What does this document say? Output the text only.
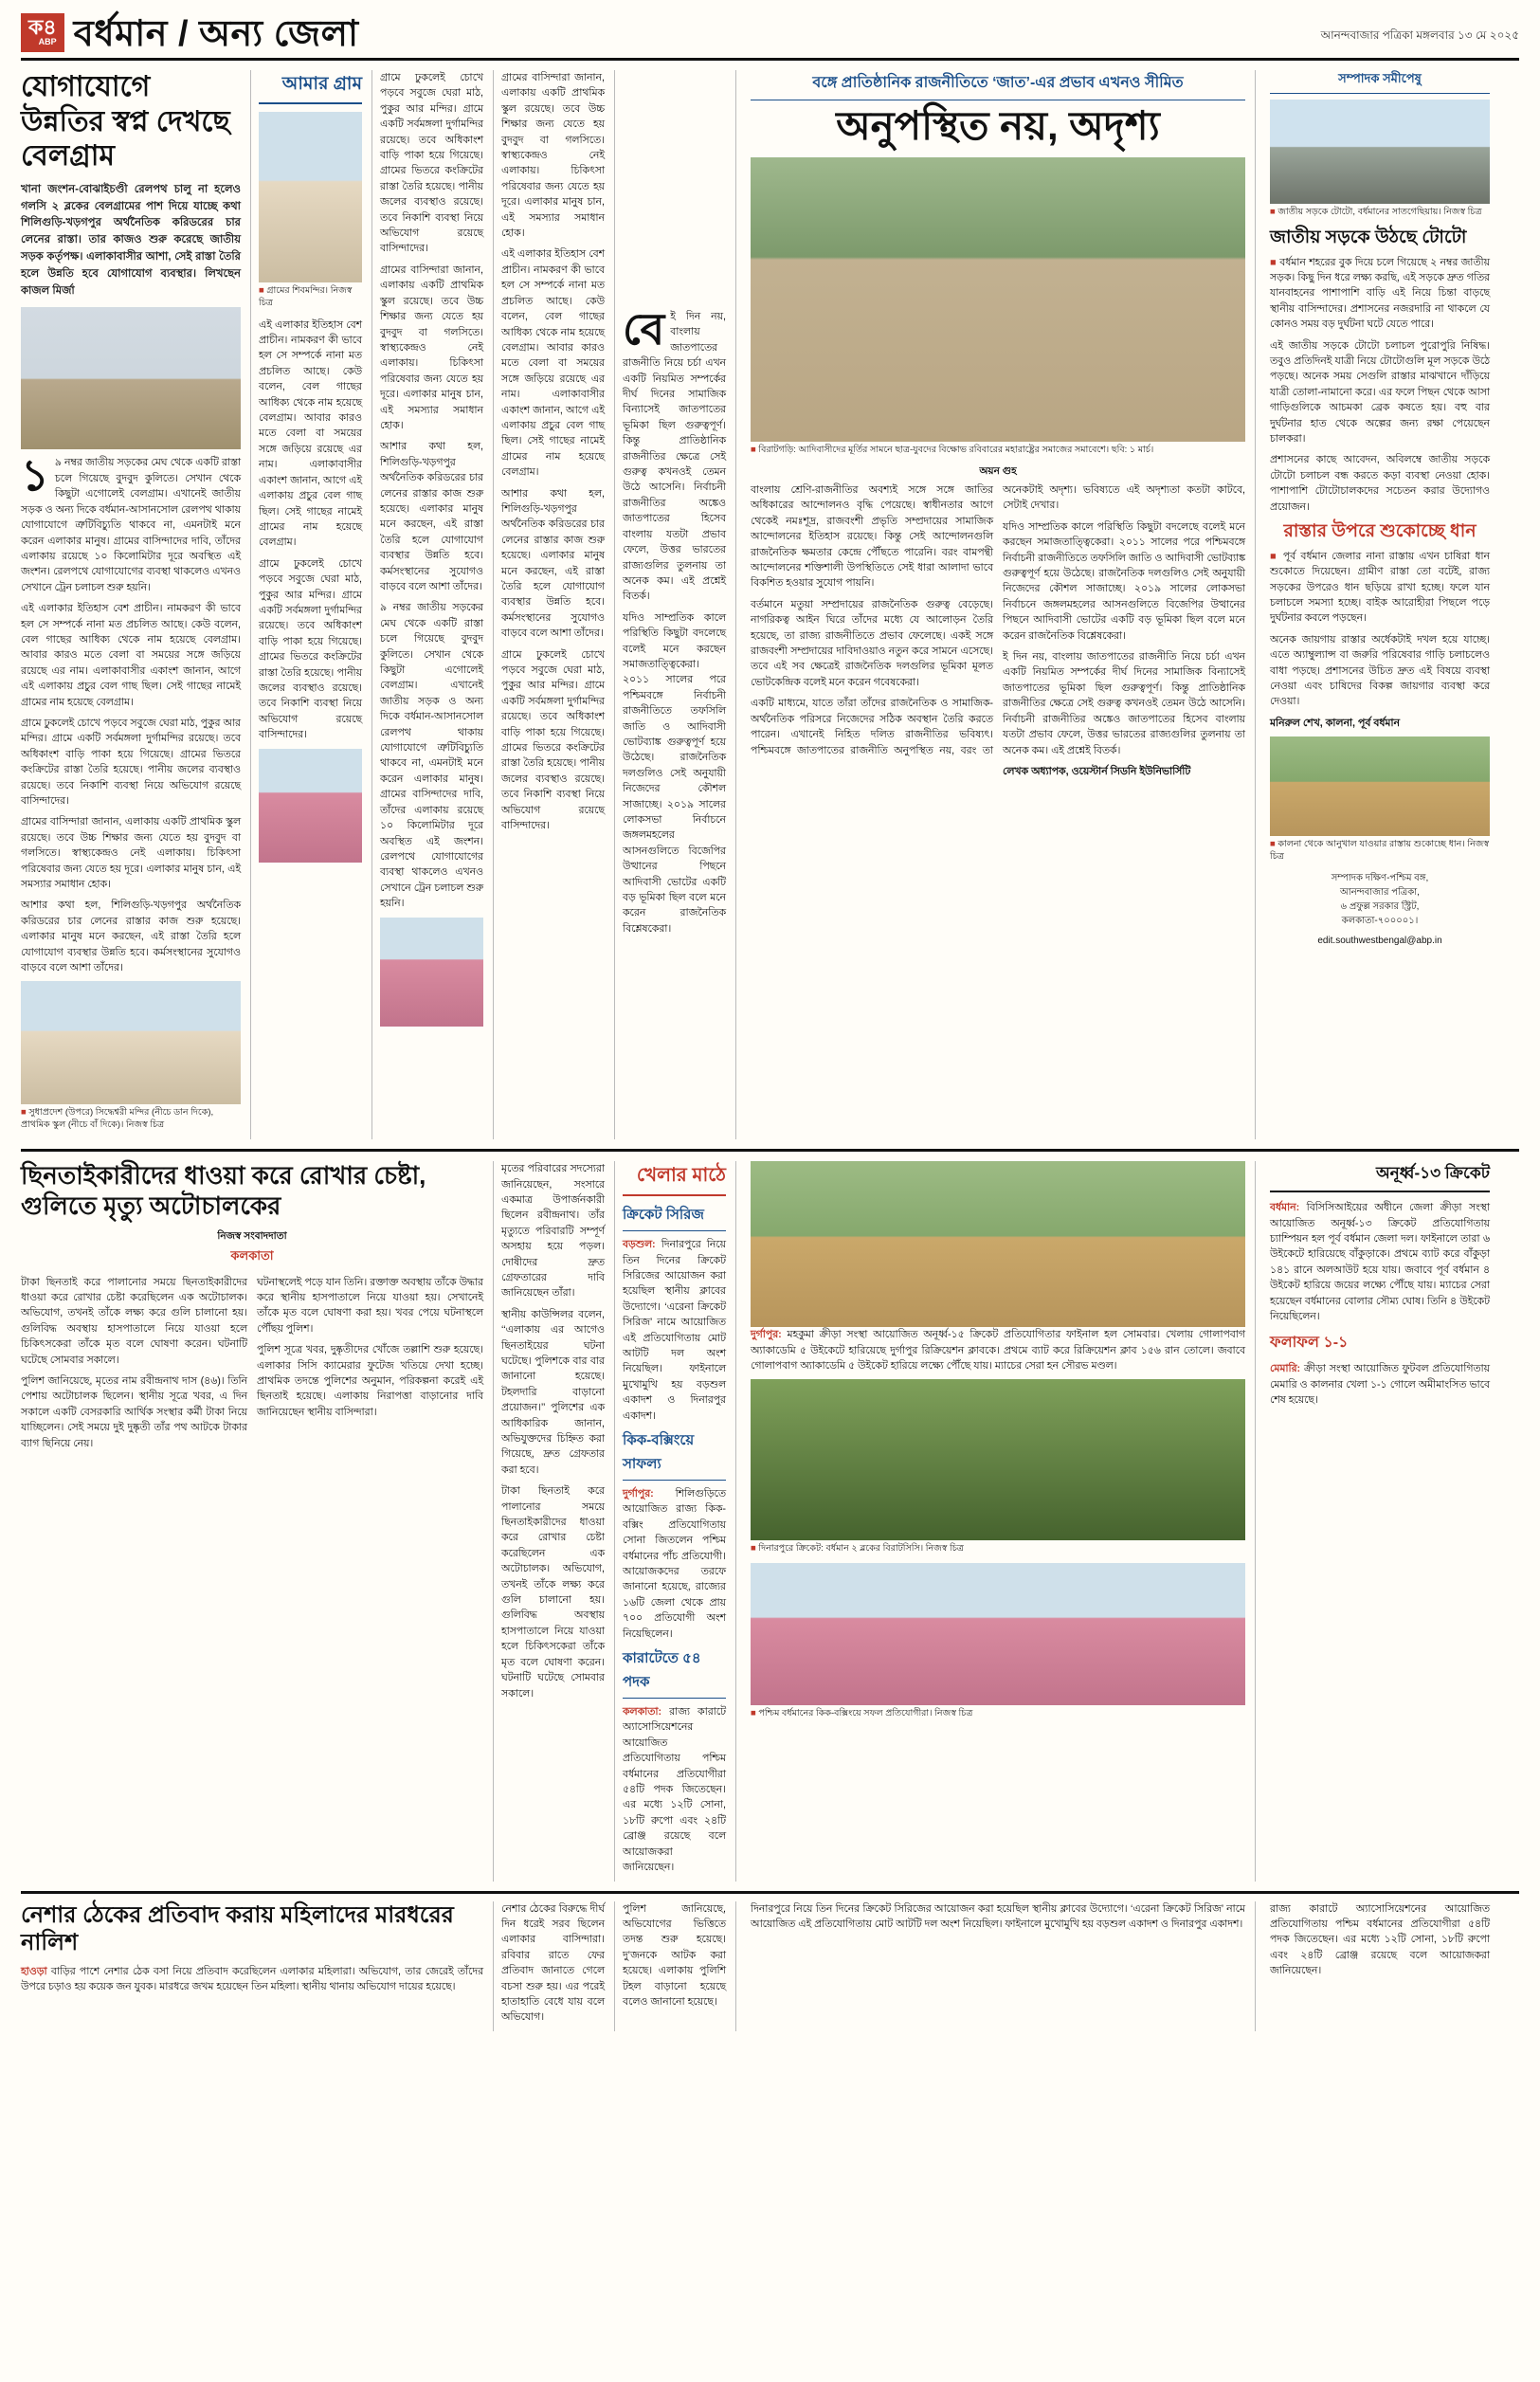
ক৪
ABP বর্ধমান / অন্য জেলা	আনন্দবাজার পত্রিকা মঙ্গলবার ১৩ মে ২০২৫
যোগাযোগে উন্নতির স্বপ্ন দেখছে বেলগ্রাম
খানা জংশন-বোঝাইচণ্ডী রেলপথ চালু না হলেও গলসি ২ ব্লকের বেলগ্রামের পাশ দিয়ে যাচ্ছে কথা শিলিগুড়ি-খড়গপুর অর্থনৈতিক করিডরের চার লেনের রাস্তা। তার কাজও শুরু করেছে জাতীয় সড়ক কর্তৃপক্ষ। এলাকাবাসীর আশা, সেই রাস্তা তৈরি হলে উন্নতি হবে যোগাযোগ ব্যবস্থার। লিখছেন কাজল মির্জা

১ ৯ নম্বর জাতীয় সড়কের মেঘ থেকে একটি রাস্তা চলে গিয়েছে বুদবুদ কুলিতে। সেখান থেকে কিছুটা এগোলেই বেলগ্রাম। এখানেই জাতীয় সড়ক ও অন্য দিকে বর্ধমান-আসানসোল রেলপথ থাকায় যোগাযোগে ত্রুটিবিচ্যুতি থাকবে না, এমনটাই মনে করেন এলাকার মানুষ। গ্রামের বাসিন্দাদের দাবি, তাঁদের এলাকায় রয়েছে ১০ কিলোমিটার দূরে অবস্থিত এই জংশন। রেলপথে যোগাযোগের ব্যবস্থা থাকলেও এখনও সেখানে ট্রেন চলাচল শুরু হয়নি।

এই এলাকার ইতিহাস বেশ প্রাচীন। নামকরণ কী ভাবে হল সে সম্পর্কে নানা মত প্রচলিত আছে। কেউ বলেন, বেল গাছের আধিক্য থেকে নাম হয়েছে বেলগ্রাম। আবার কারও মতে বেলা বা সময়ের সঙ্গে জড়িয়ে রয়েছে এর নাম। এলাকাবাসীর একাংশ জানান, আগে এই এলাকায় প্রচুর বেল গাছ ছিল। সেই গাছের নামেই গ্রামের নাম হয়েছে বেলগ্রাম।

গ্রামে ঢুকলেই চোখে পড়বে সবুজে ঘেরা মাঠ, পুকুর আর মন্দির। গ্রামে একটি সর্বমঙ্গলা দুর্গামন্দির রয়েছে। তবে অধিকাংশ বাড়ি পাকা হয়ে গিয়েছে। গ্রামের ভিতরে কংক্রিটের রাস্তা তৈরি হয়েছে। পানীয় জলের ব্যবস্থাও রয়েছে। তবে নিকাশি ব্যবস্থা নিয়ে অভিযোগ রয়েছে বাসিন্দাদের।

গ্রামের বাসিন্দারা জানান, এলাকায় একটি প্রাথমিক স্কুল রয়েছে। তবে উচ্চ শিক্ষার জন্য যেতে হয় বুদবুদ বা গলসিতে। স্বাস্থ্যকেন্দ্রও নেই এলাকায়। চিকিৎসা পরিষেবার জন্য যেতে হয় দূরে। এলাকার মানুষ চান, এই সমস্যার সমাধান হোক।

আশার কথা হল, শিলিগুড়ি-খড়গপুর অর্থনৈতিক করিডরের চার লেনের রাস্তার কাজ শুরু হয়েছে। এলাকার মানুষ মনে করছেন, এই রাস্তা তৈরি হলে যোগাযোগ ব্যবস্থার উন্নতি হবে। কর্মসংস্থানের সুযোগও বাড়বে বলে আশা তাঁদের।

■ সুধাপ্রদেশ (উপরে) সিদ্ধেশ্বরী মন্দির (নীচে ডান দিকে), প্রাথমিক স্কুল (নীচে বাঁ দিকে)। নিজস্ব চিত্র
আমার গ্রাম
■ গ্রামের শিবমন্দির। নিজস্ব চিত্র

এই এলাকার ইতিহাস বেশ প্রাচীন। নামকরণ কী ভাবে হল সে সম্পর্কে নানা মত প্রচলিত আছে। কেউ বলেন, বেল গাছের আধিক্য থেকে নাম হয়েছে বেলগ্রাম। আবার কারও মতে বেলা বা সময়ের সঙ্গে জড়িয়ে রয়েছে এর নাম। এলাকাবাসীর একাংশ জানান, আগে এই এলাকায় প্রচুর বেল গাছ ছিল। সেই গাছের নামেই গ্রামের নাম হয়েছে বেলগ্রাম।

গ্রামে ঢুকলেই চোখে পড়বে সবুজে ঘেরা মাঠ, পুকুর আর মন্দির। গ্রামে একটি সর্বমঙ্গলা দুর্গামন্দির রয়েছে। তবে অধিকাংশ বাড়ি পাকা হয়ে গিয়েছে। গ্রামের ভিতরে কংক্রিটের রাস্তা তৈরি হয়েছে। পানীয় জলের ব্যবস্থাও রয়েছে। তবে নিকাশি ব্যবস্থা নিয়ে অভিযোগ রয়েছে বাসিন্দাদের।

গ্রামে ঢুকলেই চোখে পড়বে সবুজে ঘেরা মাঠ, পুকুর আর মন্দির। গ্রামে একটি সর্বমঙ্গলা দুর্গামন্দির রয়েছে। তবে অধিকাংশ বাড়ি পাকা হয়ে গিয়েছে। গ্রামের ভিতরে কংক্রিটের রাস্তা তৈরি হয়েছে। পানীয় জলের ব্যবস্থাও রয়েছে। তবে নিকাশি ব্যবস্থা নিয়ে অভিযোগ রয়েছে বাসিন্দাদের।

গ্রামের বাসিন্দারা জানান, এলাকায় একটি প্রাথমিক স্কুল রয়েছে। তবে উচ্চ শিক্ষার জন্য যেতে হয় বুদবুদ বা গলসিতে। স্বাস্থ্যকেন্দ্রও নেই এলাকায়। চিকিৎসা পরিষেবার জন্য যেতে হয় দূরে। এলাকার মানুষ চান, এই সমস্যার সমাধান হোক।

আশার কথা হল, শিলিগুড়ি-খড়গপুর অর্থনৈতিক করিডরের চার লেনের রাস্তার কাজ শুরু হয়েছে। এলাকার মানুষ মনে করছেন, এই রাস্তা তৈরি হলে যোগাযোগ ব্যবস্থার উন্নতি হবে। কর্মসংস্থানের সুযোগও বাড়বে বলে আশা তাঁদের।

৯ নম্বর জাতীয় সড়কের মেঘ থেকে একটি রাস্তা চলে গিয়েছে বুদবুদ কুলিতে। সেখান থেকে কিছুটা এগোলেই বেলগ্রাম। এখানেই জাতীয় সড়ক ও অন্য দিকে বর্ধমান-আসানসোল রেলপথ থাকায় যোগাযোগে ত্রুটিবিচ্যুতি থাকবে না, এমনটাই মনে করেন এলাকার মানুষ। গ্রামের বাসিন্দাদের দাবি, তাঁদের এলাকায় রয়েছে ১০ কিলোমিটার দূরে অবস্থিত এই জংশন। রেলপথে যোগাযোগের ব্যবস্থা থাকলেও এখনও সেখানে ট্রেন চলাচল শুরু হয়নি।

গ্রামের বাসিন্দারা জানান, এলাকায় একটি প্রাথমিক স্কুল রয়েছে। তবে উচ্চ শিক্ষার জন্য যেতে হয় বুদবুদ বা গলসিতে। স্বাস্থ্যকেন্দ্রও নেই এলাকায়। চিকিৎসা পরিষেবার জন্য যেতে হয় দূরে। এলাকার মানুষ চান, এই সমস্যার সমাধান হোক।

এই এলাকার ইতিহাস বেশ প্রাচীন। নামকরণ কী ভাবে হল সে সম্পর্কে নানা মত প্রচলিত আছে। কেউ বলেন, বেল গাছের আধিক্য থেকে নাম হয়েছে বেলগ্রাম। আবার কারও মতে বেলা বা সময়ের সঙ্গে জড়িয়ে রয়েছে এর নাম। এলাকাবাসীর একাংশ জানান, আগে এই এলাকায় প্রচুর বেল গাছ ছিল। সেই গাছের নামেই গ্রামের নাম হয়েছে বেলগ্রাম।

আশার কথা হল, শিলিগুড়ি-খড়গপুর অর্থনৈতিক করিডরের চার লেনের রাস্তার কাজ শুরু হয়েছে। এলাকার মানুষ মনে করছেন, এই রাস্তা তৈরি হলে যোগাযোগ ব্যবস্থার উন্নতি হবে। কর্মসংস্থানের সুযোগও বাড়বে বলে আশা তাঁদের।

গ্রামে ঢুকলেই চোখে পড়বে সবুজে ঘেরা মাঠ, পুকুর আর মন্দির। গ্রামে একটি সর্বমঙ্গলা দুর্গামন্দির রয়েছে। তবে অধিকাংশ বাড়ি পাকা হয়ে গিয়েছে। গ্রামের ভিতরে কংক্রিটের রাস্তা তৈরি হয়েছে। পানীয় জলের ব্যবস্থাও রয়েছে। তবে নিকাশি ব্যবস্থা নিয়ে অভিযোগ রয়েছে বাসিন্দাদের।

বে ই দিন নয়, বাংলায় জাতপাতের রাজনীতি নিয়ে চর্চা এখন একটি নিয়মিত সম্পর্কের দীর্ঘ দিনের সামাজিক বিন্যাসেই জাতপাতের ভূমিকা ছিল গুরুত্বপূর্ণ। কিন্তু প্রাতিষ্ঠানিক রাজনীতির ক্ষেত্রে সেই গুরুত্ব কখনওই তেমন উঠে আসেনি। নির্বাচনী রাজনীতির অঙ্কেও জাতপাতের হিসেব বাংলায় যতটা প্রভাব ফেলে, উত্তর ভারতের রাজ্যগুলির তুলনায় তা অনেক কম। এই প্রশ্নেই বিতর্ক।

যদিও সাম্প্রতিক কালে পরিস্থিতি কিছুটা বদলেছে বলেই মনে করছেন সমাজতাত্ত্বিকেরা। ২০১১ সালের পরে পশ্চিমবঙ্গে নির্বাচনী রাজনীতিতে তফসিলি জাতি ও আদিবাসী ভোটব্যাঙ্ক গুরুত্বপূর্ণ হয়ে উঠেছে। রাজনৈতিক দলগুলিও সেই অনুযায়ী নিজেদের কৌশল সাজাচ্ছে। ২০১৯ সালের লোকসভা নির্বাচনে জঙ্গলমহলের আসনগুলিতে বিজেপির উত্থানের পিছনে আদিবাসী ভোটের একটি বড় ভূমিকা ছিল বলে মনে করেন রাজনৈতিক বিশ্লেষকেরা।

বঙ্গে প্রাতিষ্ঠানিক রাজনীতিতে ‘জাত’-এর প্রভাব এখনও সীমিত
অনুপস্থিত নয়, অদৃশ্য
■ বিরাটগড়ি: আদিবাসীদের মূর্তির সামনে ছাত্র-যুবদের বিক্ষোভ রবিবারের মহারাষ্ট্রের সমাজের সমাবেশে। ছবি: ১ মার্চ।
অয়ন গুহ

বাংলায় শ্রেণি-রাজনীতির অবশ্যই সঙ্গে সঙ্গে জাতির অধিকারের আন্দোলনও বৃদ্ধি পেয়েছে। স্বাধীনতার আগে থেকেই নমঃশূদ্র, রাজবংশী প্রভৃতি সম্প্রদায়ের সামাজিক আন্দোলনের ইতিহাস রয়েছে। কিন্তু সেই আন্দোলনগুলি রাজনৈতিক ক্ষমতার কেন্দ্রে পৌঁছতে পারেনি। বরং বামপন্থী আন্দোলনের শক্তিশালী উপস্থিতিতে সেই ধারা আলাদা ভাবে বিকশিত হওয়ার সুযোগ পায়নি।

বর্তমানে মতুয়া সম্প্রদায়ের রাজনৈতিক গুরুত্ব বেড়েছে। নাগরিকত্ব আইন ঘিরে তাঁদের মধ্যে যে আলোড়ন তৈরি হয়েছে, তা রাজ্য রাজনীতিতে প্রভাব ফেলেছে। একই সঙ্গে রাজবংশী সম্প্রদায়ের দাবিদাওয়াও নতুন করে সামনে এসেছে। তবে এই সব ক্ষেত্রেই রাজনৈতিক দলগুলির ভূমিকা মূলত ভোটকেন্দ্রিক বলেই মনে করেন গবেষকেরা।

একটি মাধ্যমে, যাতে তাঁরা তাঁদের রাজনৈতিক ও সামাজিক-অর্থনৈতিক পরিসরে নিজেদের সঠিক অবস্থান তৈরি করতে পারেন। এখানেই নিহিত দলিত রাজনীতির ভবিষ্যৎ। পশ্চিমবঙ্গে জাতপাতের রাজনীতি অনুপস্থিত নয়, বরং তা অনেকটাই অদৃশ্য। ভবিষ্যতে এই অদৃশ্যতা কতটা কাটবে, সেটাই দেখার।

যদিও সাম্প্রতিক কালে পরিস্থিতি কিছুটা বদলেছে বলেই মনে করছেন সমাজতাত্ত্বিকেরা। ২০১১ সালের পরে পশ্চিমবঙ্গে নির্বাচনী রাজনীতিতে তফসিলি জাতি ও আদিবাসী ভোটব্যাঙ্ক গুরুত্বপূর্ণ হয়ে উঠেছে। রাজনৈতিক দলগুলিও সেই অনুযায়ী নিজেদের কৌশল সাজাচ্ছে। ২০১৯ সালের লোকসভা নির্বাচনে জঙ্গলমহলের আসনগুলিতে বিজেপির উত্থানের পিছনে আদিবাসী ভোটের একটি বড় ভূমিকা ছিল বলে মনে করেন রাজনৈতিক বিশ্লেষকেরা।

ই দিন নয়, বাংলায় জাতপাতের রাজনীতি নিয়ে চর্চা এখন একটি নিয়মিত সম্পর্কের দীর্ঘ দিনের সামাজিক বিন্যাসেই জাতপাতের ভূমিকা ছিল গুরুত্বপূর্ণ। কিন্তু প্রাতিষ্ঠানিক রাজনীতির ক্ষেত্রে সেই গুরুত্ব কখনওই তেমন উঠে আসেনি। নির্বাচনী রাজনীতির অঙ্কেও জাতপাতের হিসেব বাংলায় যতটা প্রভাব ফেলে, উত্তর ভারতের রাজ্যগুলির তুলনায় তা অনেক কম। এই প্রশ্নেই বিতর্ক।

লেখক অধ্যাপক, ওয়েস্টার্ন সিডনি ইউনিভার্সিটি

সম্পাদক সমীপেষু
■ জাতীয় সড়কে টোটো, বর্ধমানের সাতগেছিয়ায়। নিজস্ব চিত্র
জাতীয় সড়কে উঠছে টোটো

■ বর্ধমান শহরের বুক দিয়ে চলে গিয়েছে ২ নম্বর জাতীয় সড়ক। কিছু দিন ধরে লক্ষ্য করছি, এই সড়কে দ্রুত গতির যানবাহনের পাশাপাশি বাড়ি এই নিয়ে চিন্তা বাড়ছে স্থানীয় বাসিন্দাদের। প্রশাসনের নজরদারি না থাকলে যে কোনও সময় বড় দুর্ঘটনা ঘটে যেতে পারে।

এই জাতীয় সড়কে টোটো চলাচল পুরোপুরি নিষিদ্ধ। তবুও প্রতিদিনই যাত্রী নিয়ে টোটোগুলি মূল সড়কে উঠে পড়ছে। অনেক সময় সেগুলি রাস্তার মাঝখানে দাঁড়িয়ে যাত্রী তোলা-নামানো করে। এর ফলে পিছন থেকে আসা গাড়িগুলিকে আচমকা ব্রেক কষতে হয়। বহু বার দুর্ঘটনার হাত থেকে অল্পের জন্য রক্ষা পেয়েছেন চালকরা।

প্রশাসনের কাছে আবেদন, অবিলম্বে জাতীয় সড়কে টোটো চলাচল বন্ধ করতে কড়া ব্যবস্থা নেওয়া হোক। পাশাপাশি টোটোচালকদের সচেতন করার উদ্যোগও প্রয়োজন।

রাস্তার উপরে শুকোচ্ছে ধান

■ পূর্ব বর্ধমান জেলার নানা রাস্তায় এখন চাষিরা ধান শুকোতে দিয়েছেন। গ্রামীণ রাস্তা তো বটেই, রাজ্য সড়কের উপরেও ধান ছড়িয়ে রাখা হচ্ছে। ফলে যান চলাচলে সমস্যা হচ্ছে। বাইক আরোহীরা পিছলে পড়ে দুর্ঘটনার কবলে পড়ছেন।

অনেক জায়গায় রাস্তার অর্ধেকটাই দখল হয়ে যাচ্ছে। এতে অ্যাম্বুল্যান্স বা জরুরি পরিষেবার গাড়ি চলাচলেও বাধা পড়ছে। প্রশাসনের উচিত দ্রুত এই বিষয়ে ব্যবস্থা নেওয়া এবং চাষিদের বিকল্প জায়গার ব্যবস্থা করে দেওয়া।

মনিরুল শেখ, কালনা, পূর্ব বর্ধমান

■ কালনা থেকে আনুখাল যাওয়ার রাস্তায় শুকোচ্ছে ধান। নিজস্ব চিত্র
সম্পাদক দক্ষিণ-পশ্চিম বঙ্গ,
আনন্দবাজার পত্রিকা,
৬ প্রফুল্ল সরকার স্ট্রিট,
কলকাতা-৭০০০০১।
edit.southwestbengal@abp.in
ছিনতাইকারীদের ধাওয়া করে রোখার চেষ্টা, গুলিতে মৃত্যু অটোচালকের
নিজস্ব সংবাদদাতা
কলকাতা

টাকা ছিনতাই করে পালানোর সময়ে ছিনতাইকারীদের ধাওয়া করে রোখার চেষ্টা করেছিলেন এক অটোচালক। অভিযোগ, তখনই তাঁকে লক্ষ্য করে গুলি চালানো হয়। গুলিবিদ্ধ অবস্থায় হাসপাতালে নিয়ে যাওয়া হলে চিকিৎসকেরা তাঁকে মৃত বলে ঘোষণা করেন। ঘটনাটি ঘটেছে সোমবার সকালে।

পুলিশ জানিয়েছে, মৃতের নাম রবীন্দ্রনাথ দাস (৪৬)। তিনি পেশায় অটোচালক ছিলেন। স্থানীয় সূত্রে খবর, এ দিন সকালে একটি বেসরকারি আর্থিক সংস্থার কর্মী টাকা নিয়ে যাচ্ছিলেন। সেই সময়ে দুই দুষ্কৃতী তাঁর পথ আটকে টাকার ব্যাগ ছিনিয়ে নেয়।

ঘটনাস্থলেই পড়ে যান তিনি। রক্তাক্ত অবস্থায় তাঁকে উদ্ধার করে স্থানীয় হাসপাতালে নিয়ে যাওয়া হয়। সেখানেই তাঁকে মৃত বলে ঘোষণা করা হয়। খবর পেয়ে ঘটনাস্থলে পৌঁছয় পুলিশ।

পুলিশ সূত্রে খবর, দুষ্কৃতীদের খোঁজে তল্লাশি শুরু হয়েছে। এলাকার সিসি ক্যামেরার ফুটেজ খতিয়ে দেখা হচ্ছে। প্রাথমিক তদন্তে পুলিশের অনুমান, পরিকল্পনা করেই এই ছিনতাই হয়েছে। এলাকায় নিরাপত্তা বাড়ানোর দাবি জানিয়েছেন স্থানীয় বাসিন্দারা।

মৃতের পরিবারের সদস্যেরা জানিয়েছেন, সংসারে একমাত্র উপার্জনকারী ছিলেন রবীন্দ্রনাথ। তাঁর মৃত্যুতে পরিবারটি সম্পূর্ণ অসহায় হয়ে পড়ল। দোষীদের দ্রুত গ্রেফতারের দাবি জানিয়েছেন তাঁরা।

স্থানীয় কাউন্সিলর বলেন, ‘‘এলাকায় এর আগেও ছিনতাইয়ের ঘটনা ঘটেছে। পুলিশকে বার বার জানানো হয়েছে। টহলদারি বাড়ানো প্রয়োজন।’’ পুলিশের এক আধিকারিক জানান, অভিযুক্তদের চিহ্নিত করা গিয়েছে, দ্রুত গ্রেফতার করা হবে।

টাকা ছিনতাই করে পালানোর সময়ে ছিনতাইকারীদের ধাওয়া করে রোখার চেষ্টা করেছিলেন এক অটোচালক। অভিযোগ, তখনই তাঁকে লক্ষ্য করে গুলি চালানো হয়। গুলিবিদ্ধ অবস্থায় হাসপাতালে নিয়ে যাওয়া হলে চিকিৎসকেরা তাঁকে মৃত বলে ঘোষণা করেন। ঘটনাটি ঘটেছে সোমবার সকালে।

খেলার মাঠে
ক্রিকেট সিরিজ

বড়শুল: দিনারপুরে নিয়ে তিন দিনের ক্রিকেট সিরিজের আয়োজন করা হয়েছিল স্থানীয় ক্লাবের উদ্যোগে। ‘এরেনা ক্রিকেট সিরিজ’ নামে আয়োজিত এই প্রতিযোগিতায় মোট আটটি দল অংশ নিয়েছিল। ফাইনালে মুখোমুখি হয় বড়শুল একাদশ ও দিনারপুর একাদশ।

কিক-বক্সিংয়ে সাফল্য

দুর্গাপুর: শিলিগুড়িতে আয়োজিত রাজ্য কিক-বক্সিং প্রতিযোগিতায় সোনা জিতলেন পশ্চিম বর্ধমানের পাঁচ প্রতিযোগী। আয়োজকদের তরফে জানানো হয়েছে, রাজ্যের ১৬টি জেলা থেকে প্রায় ৭০০ প্রতিযোগী অংশ নিয়েছিলেন।

কারাটেতে ৫৪ পদক

কলকাতা: রাজ্য কারাটে অ্যাসোসিয়েশনের আয়োজিত প্রতিযোগিতায় পশ্চিম বর্ধমানের প্রতিযোগীরা ৫৪টি পদক জিতেছেন। এর মধ্যে ১২টি সোনা, ১৮টি রুপো এবং ২৪টি ব্রোঞ্জ রয়েছে বলে আয়োজকরা জানিয়েছেন।

দুর্গাপুর: মহকুমা ক্রীড়া সংস্থা আয়োজিত অনূর্ধ্ব-১৫ ক্রিকেট প্রতিযোগিতার ফাইনাল হল সোমবার। খেলায় গোলাপবাগ অ্যাকাডেমি ৫ উইকেটে হারিয়েছে দুর্গাপুর রিক্রিয়েশন ক্লাবকে। প্রথমে ব্যাট করে রিক্রিয়েশন ক্লাব ১৫৬ রান তোলে। জবাবে গোলাপবাগ অ্যাকাডেমি ৫ উইকেট হারিয়ে লক্ষ্যে পৌঁছে যায়। ম্যাচের সেরা হন সৌরভ মণ্ডল।

■ দিনারপুরে ক্রিকেট: বর্ধমান ২ ব্লকের বিরাটসিসি। নিজস্ব চিত্র
■ পশ্চিম বর্ধমানের কিক-বক্সিংয়ে সফল প্রতিযোগীরা। নিজস্ব চিত্র
অনূর্ধ্ব-১৩ ক্রিকেট

বর্ধমান: বিসিসিআইয়ের অধীনে জেলা ক্রীড়া সংস্থা আয়োজিত অনূর্ধ্ব-১৩ ক্রিকেট প্রতিযোগিতায় চ্যাম্পিয়ন হল পূর্ব বর্ধমান জেলা দল। ফাইনালে তারা ৬ উইকেটে হারিয়েছে বাঁকুড়াকে। প্রথমে ব্যাট করে বাঁকুড়া ১৪১ রানে অলআউট হয়ে যায়। জবাবে পূর্ব বর্ধমান ৪ উইকেট হারিয়ে জয়ের লক্ষ্যে পৌঁছে যায়। ম্যাচের সেরা হয়েছেন বর্ধমানের বোলার সৌম্য ঘোষ। তিনি ৪ উইকেট নিয়েছিলেন।

ফলাফল ১-১

মেমারি: ক্রীড়া সংস্থা আয়োজিত ফুটবল প্রতিযোগিতায় মেমারি ও কালনার খেলা ১-১ গোলে অমীমাংসিত ভাবে শেষ হয়েছে।

নেশার ঠেকের প্রতিবাদ করায় মহিলাদের মারধরের নালিশ

হাওড়া বাড়ির পাশে নেশার ঠেক বসা নিয়ে প্রতিবাদ করেছিলেন এলাকার মহিলারা। অভিযোগ, তার জেরেই তাঁদের উপরে চড়াও হয় কয়েক জন যুবক। মারধরে জখম হয়েছেন তিন মহিলা। স্থানীয় থানায় অভিযোগ দায়ের হয়েছে।

নেশার ঠেকের বিরুদ্ধে দীর্ঘ দিন ধরেই সরব ছিলেন এলাকার বাসিন্দারা। রবিবার রাতে ফের প্রতিবাদ জানাতে গেলে বচসা শুরু হয়। এর পরেই হাতাহাতি বেধে যায় বলে অভিযোগ।

পুলিশ জানিয়েছে, অভিযোগের ভিত্তিতে তদন্ত শুরু হয়েছে। দু’জনকে আটক করা হয়েছে। এলাকায় পুলিশি টহল বাড়ানো হয়েছে বলেও জানানো হয়েছে।

দিনারপুরে নিয়ে তিন দিনের ক্রিকেট সিরিজের আয়োজন করা হয়েছিল স্থানীয় ক্লাবের উদ্যোগে। ‘এরেনা ক্রিকেট সিরিজ’ নামে আয়োজিত এই প্রতিযোগিতায় মোট আটটি দল অংশ নিয়েছিল। ফাইনালে মুখোমুখি হয় বড়শুল একাদশ ও দিনারপুর একাদশ।

রাজ্য কারাটে অ্যাসোসিয়েশনের আয়োজিত প্রতিযোগিতায় পশ্চিম বর্ধমানের প্রতিযোগীরা ৫৪টি পদক জিতেছেন। এর মধ্যে ১২টি সোনা, ১৮টি রুপো এবং ২৪টি ব্রোঞ্জ রয়েছে বলে আয়োজকরা জানিয়েছেন।
